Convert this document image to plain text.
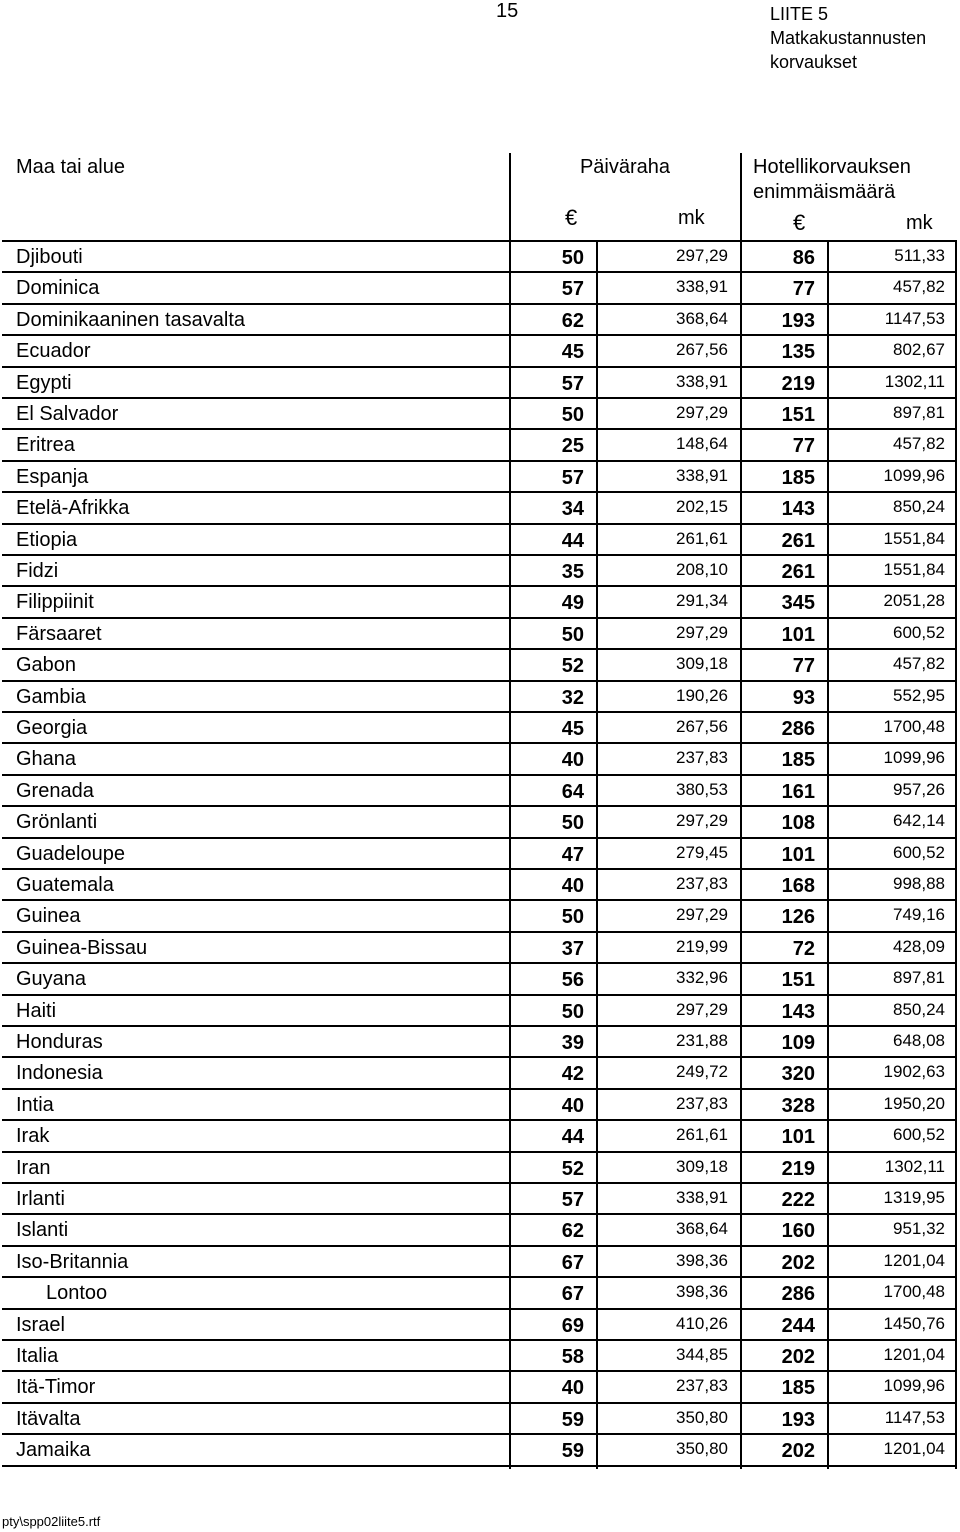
15	LIITE 5
Matkakustannusten
korvaukset
Maa tai alue	Päiväraha	Hotellikorvauksen
enimmäismäärä
€	mk	€	mk
Djibouti	50	297,29	86	511,33
Dominica	57	338,91	77	457,82
Dominikaaninen tasavalta	62	368,64	193	1147,53
Ecuador	45	267,56	135	802,67
Egypti	57	338,91	219	1302,11
El Salvador	50	297,29	151	897,81
Eritrea	25	148,64	77	457,82
Espanja	57	338,91	185	1099,96
Etelä-Afrikka	34	202,15	143	850,24
Etiopia	44	261,61	261	1551,84
Fidzi	35	208,10	261	1551,84
Filippiinit	49	291,34	345	2051,28
Färsaaret	50	297,29	101	600,52
Gabon	52	309,18	77	457,82
Gambia	32	190,26	93	552,95
Georgia	45	267,56	286	1700,48
Ghana	40	237,83	185	1099,96
Grenada	64	380,53	161	957,26
Grönlanti	50	297,29	108	642,14
Guadeloupe	47	279,45	101	600,52
Guatemala	40	237,83	168	998,88
Guinea	50	297,29	126	749,16
Guinea-Bissau	37	219,99	72	428,09
Guyana	56	332,96	151	897,81
Haiti	50	297,29	143	850,24
Honduras	39	231,88	109	648,08
Indonesia	42	249,72	320	1902,63
Intia	40	237,83	328	1950,20
Irak	44	261,61	101	600,52
Iran	52	309,18	219	1302,11
Irlanti	57	338,91	222	1319,95
Islanti	62	368,64	160	951,32
Iso-Britannia	67	398,36	202	1201,04
Lontoo	67	398,36	286	1700,48
Israel	69	410,26	244	1450,76
Italia	58	344,85	202	1201,04
Itä-Timor	40	237,83	185	1099,96
Itävalta	59	350,80	193	1147,53
Jamaika	59	350,80	202	1201,04
pty\spp02liite5.rtf
